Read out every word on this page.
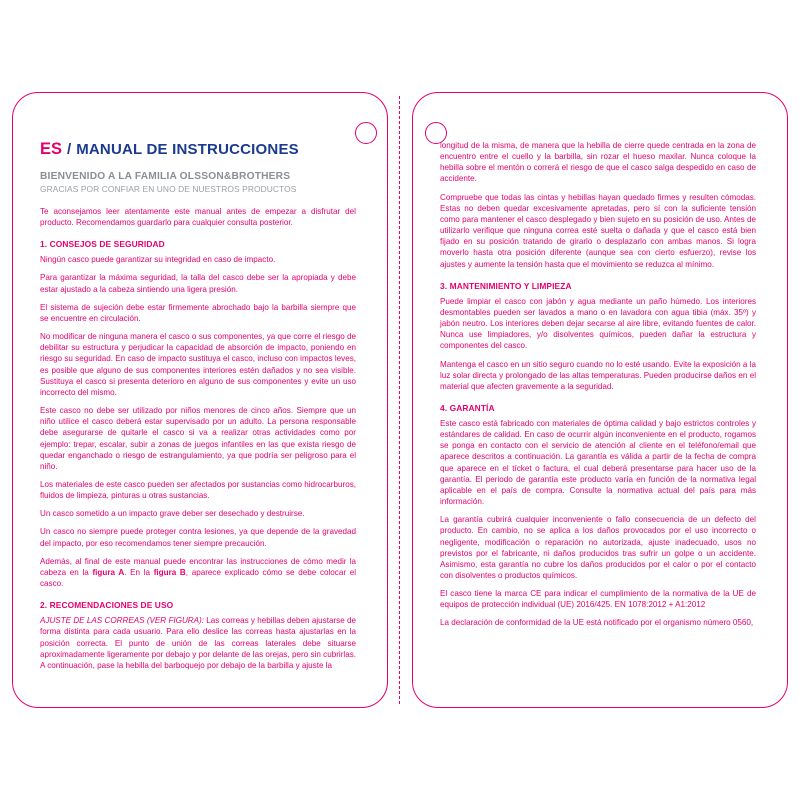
ES / MANUAL DE INSTRUCCIONES

BIENVENIDO A LA FAMILIA OLSSON&BROTHERS

GRACIAS POR CONFIAR EN UNO DE NUESTROS PRODUCTOS

Te aconsejamos leer atentamente este manual antes de empezar a disfrutar del producto. Recomendamos guardarlo para cualquier consulta posterior.

1. CONSEJOS DE SEGURIDAD

Ningún casco puede garantizar su integridad en caso de impacto.

Para garantizar la máxima seguridad, la talla del casco debe ser la apropiada y debe estar ajustado a la cabeza sintiendo una ligera presión.

El sistema de sujeción debe estar firmemente abrochado bajo la barbilla siempre que se encuentre en circulación.

No modificar de ninguna manera el casco o sus componentes, ya que corre el riesgo de debilitar su estructura y perjudicar la capacidad de absorción de impacto, poniendo en riesgo su seguridad. En caso de impacto sustituya el casco, incluso con impactos leves, es posible que alguno de sus componentes interiores estén dañados y no sea visible. Sustituya el casco si presenta deterioro en alguno de sus componentes y evite un uso incorrecto del mismo.

Este casco no debe ser utilizado por niños menores de cinco años. Siempre que un niño utilice el casco deberá estar supervisado por un adulto. La persona responsable debe asegurarse de quitarle el casco si va a realizar otras actividades como por ejemplo: trepar, escalar, subir a zonas de juegos infantiles en las que exista riesgo de quedar enganchado o riesgo de estrangulamiento, ya que podría ser peligroso para el niño.

Los materiales de este casco pueden ser afectados por sustancias como hidrocarburos, fluidos de limpieza, pinturas u otras sustancias.

Un casco sometido a un impacto grave deber ser desechado y destruirse.

Un casco no siempre puede proteger contra lesiones, ya que depende de la gravedad del impacto, por eso recomendamos tener siempre precaución.

Además, al final de este manual puede encontrar las instrucciones de cómo medir la cabeza en la figura A. En la figura B, aparece explicado cómo se debe colocar el casco.

2. RECOMENDACIONES DE USO

AJUSTE DE LAS CORREAS (VER FIGURA): Las correas y hebillas deben ajustarse de forma distinta para cada usuario. Para ello deslice las correas hasta ajustarlas en la posición correcta. El punto de unión de las correas laterales debe situarse aproximadamente ligeramente por debajo y por delante de las orejas, pero sin cubrirlas. A continuación, pase la hebilla del barboquejo por debajo de la barbilla y ajuste la

longitud de la misma, de manera que la hebilla de cierre quede centrada en la zona de encuentro entre el cuello y la barbilla, sin rozar el hueso maxilar. Nunca coloque la hebilla sobre el mentón o correrá el riesgo de que el casco salga despedido en caso de accidente.

Compruebe que todas las cintas y hebillas hayan quedado firmes y resulten cómodas. Estas no deben quedar excesivamente apretadas, pero sí con la suficiente tensión como para mantener el casco desplegado y bien sujeto en su posición de uso. Antes de utilizarlo verifique que ninguna correa esté suelta o dañada y que el casco está bien fijado en su posición tratando de girarlo o desplazarlo con ambas manos. Si logra moverlo hasta otra posición diferente (aunque sea con cierto esfuerzo), revise los ajustes y aumente la tensión hasta que el movimiento se reduzca al mínimo.

3. MANTENIMIENTO Y LIMPIEZA

Puede limpiar el casco con jabón y agua mediante un paño húmedo. Los interiores desmontables pueden ser lavados a mano o en lavadora con agua tibia (máx. 35º) y jabón neutro. Los interiores deben dejar secarse al aire libre, evitando fuentes de calor. Nunca use limpiadores, y/o disolventes químicos, pueden dañar la estructura y componentes del casco.

Mantenga el casco en un sitio seguro cuando no lo esté usando. Evite la exposición a la luz solar directa y prolongado de las altas temperaturas. Pueden producirse daños en el material que afecten gravemente a la seguridad.

4. GARANTÍA

Este casco está fabricado con materiales de óptima calidad y bajo estrictos controles y estándares de calidad. En caso de ocurrir algún inconveniente en el producto, rogamos se ponga en contacto con el servicio de atención al cliente en el teléfono/email que aparece descritos a continuación. La garantía es válida a partir de la fecha de compra que aparece en el tícket o factura, el cual deberá presentarse para hacer uso de la garantía. El periodo de garantía este producto varía en función de la normativa legal aplicable en el país de compra. Consulte la normativa actual del país para más información.

La garantía cubrirá cualquier inconveniente o fallo consecuencia de un defecto del producto. En cambio, no se aplica a los daños provocados por el uso incorrecto o negligente, modificación o reparación no autorizada, ajuste inadecuado, usos no previstos por el fabricante, ni daños producidos tras sufrir un golpe o un accidente. Asimismo, esta garantía no cubre los daños producidos por el calor o por el contacto con disolventes o productos químicos.

El casco tiene la marca CE para indicar el cumplimiento de la normativa de la UE de equipos de protección individual (UE) 2016/425. EN 1078:2012 + A1:2012

La declaración de conformidad de la UE está notificado por el organismo número 0560,
